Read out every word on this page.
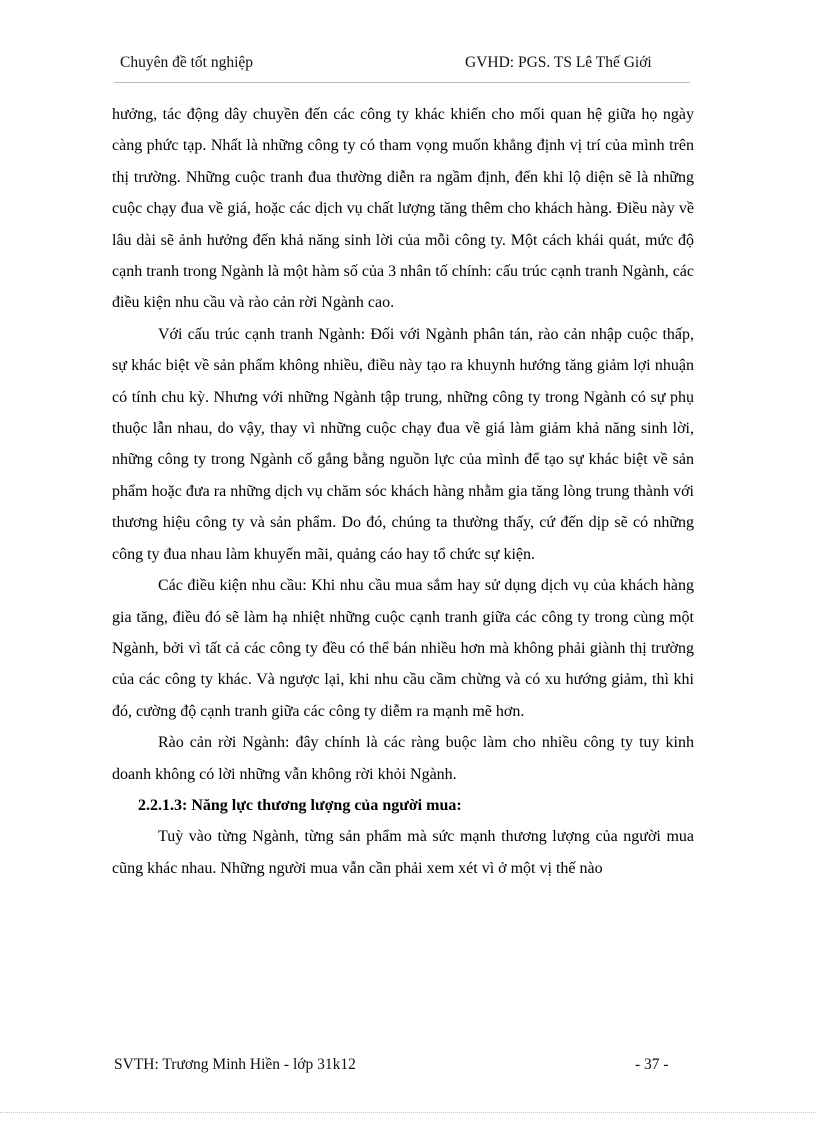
Chuyên đề tốt nghiệp	GVHD: PGS. TS Lê Thế Giới

hưởng, tác động dây chuyền đến các công ty khác khiến cho mối quan hệ giữa họ ngày càng phức tạp. Nhất là những công ty có tham vọng muốn khẳng định vị trí của mình trên thị trường. Những cuộc tranh đua thường diễn ra ngầm định, đến khi lộ diện sẽ là những cuộc chạy đua về giá, hoặc các dịch vụ chất lượng tăng thêm cho khách hàng. Điều này về lâu dài sẽ ảnh hưởng đến khả năng sinh lời của mỗi công ty. Một cách khái quát, mức độ cạnh tranh trong Ngành là một hàm số của 3 nhân tố chính: cấu trúc cạnh tranh Ngành, các điều kiện nhu cầu và rào cản rời Ngành cao.

Với cấu trúc cạnh tranh Ngành: Đối với Ngành phân tán, rào cản nhập cuộc thấp, sự khác biệt về sản phẩm không nhiều, điều này tạo ra khuynh hướng tăng giảm lợi nhuận có tính chu kỳ. Nhưng với những Ngành tập trung, những công ty trong Ngành có sự phụ thuộc lẫn nhau, do vậy, thay vì những cuộc chạy đua về giá làm giảm khả năng sinh lời, những công ty trong Ngành cố gắng bằng nguồn lực của mình để tạo sự khác biệt về sản phẩm hoặc đưa ra những dịch vụ chăm sóc khách hàng nhằm gia tăng lòng trung thành với thương hiệu công ty và sản phẩm. Do đó, chúng ta thường thấy, cứ đến dịp sẽ có những công ty đua nhau làm khuyến mãi, quảng cáo hay tổ chức sự kiện.

Các điều kiện nhu cầu: Khi nhu cầu mua sắm hay sử dụng dịch vụ của khách hàng gia tăng, điều đó sẽ làm hạ nhiệt những cuộc cạnh tranh giữa các công ty trong cùng một Ngành, bởi vì tất cả các công ty đều có thể bán nhiều hơn mà không phải giành thị trường của các công ty khác. Và ngược lại, khi nhu cầu cầm chừng và có xu hướng giảm, thì khi đó, cường độ cạnh tranh giữa các công ty diễm ra mạnh mẽ hơn.

Rào cản rời Ngành: đây chính là các ràng buộc làm cho nhiều công ty tuy kinh doanh không có lời những vẫn không rời khỏi Ngành.

2.2.1.3: Năng lực thương lượng của người mua:

Tuỳ vào từng Ngành, từng sản phẩm mà sức mạnh thương lượng của người mua cũng khác nhau. Những người mua vẫn cần phải xem xét vì ở một vị thế nào

SVTH: Trương Minh Hiền - lớp 31k12	- 37 -
